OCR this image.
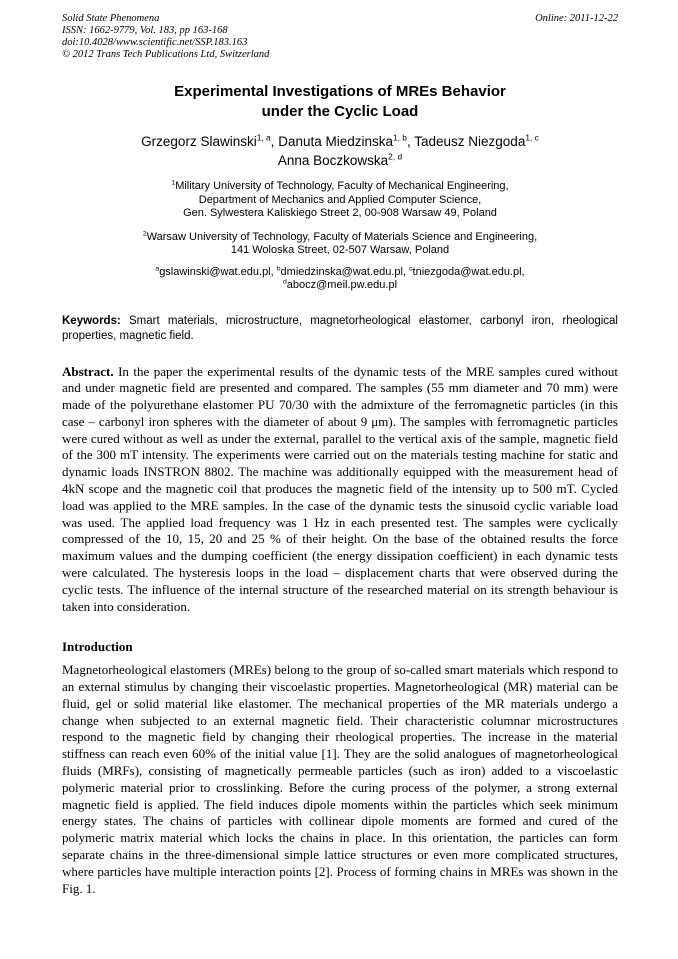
Solid State Phenomena
ISSN: 1662-9779, Vol. 183, pp 163-168
doi:10.4028/www.scientific.net/SSP.183.163
© 2012 Trans Tech Publications Ltd, Switzerland
Online: 2011-12-22
Experimental Investigations of MREs Behavior
under the Cyclic Load
Grzegorz Slawinski$^{1, a}$, Danuta Miedzinska$^{1, b}$, Tadeusz Niezgoda$^{1, c}$
Anna Boczkowska$^{2, d}$
$^1$Military University of Technology, Faculty of Mechanical Engineering,
Department of Mechanics and Applied Computer Science,
Gen. Sylwestera Kaliskiego Street 2, 00-908 Warsaw 49, Poland
$^2$Warsaw University of Technology, Faculty of Materials Science and Engineering,
141 Woloska Street, 02-507 Warsaw, Poland
$^a$gslawinski@wat.edu.pl, $^b$dmiedzinska@wat.edu.pl, $^c$tniezgoda@wat.edu.pl,
$^d$abocz@meil.pw.edu.pl

Keywords: Smart materials, microstructure, magnetorheological elastomer, carbonyl iron, rheological properties, magnetic field.

Abstract. In the paper the experimental results of the dynamic tests of the MRE samples cured without and under magnetic field are presented and compared. The samples (55 mm diameter and 70 mm) were made of the polyurethane elastomer PU 70/30 with the admixture of the ferromagnetic particles (in this case – carbonyl iron spheres with the diameter of about 9 μm). The samples with ferromagnetic particles were cured without as well as under the external, parallel to the vertical axis of the sample, magnetic field of the 300 mT intensity. The experiments were carried out on the materials testing machine for static and dynamic loads INSTRON 8802. The machine was additionally equipped with the measurement head of 4kN scope and the magnetic coil that produces the magnetic field of the intensity up to 500 mT. Cycled load was applied to the MRE samples. In the case of the dynamic tests the sinusoid cyclic variable load was used. The applied load frequency was 1 Hz in each presented test. The samples were cyclically compressed of the 10, 15, 20 and 25 % of their height. On the base of the obtained results the force maximum values and the dumping coefficient (the energy dissipation coefficient) in each dynamic tests were calculated. The hysteresis loops in the load – displacement charts that were observed during the cyclic tests. The influence of the internal structure of the researched material on its strength behaviour is taken into consideration.

Introduction

Magnetorheological elastomers (MREs) belong to the group of so-called smart materials which respond to an external stimulus by changing their viscoelastic properties. Magnetorheological (MR) material can be fluid, gel or solid material like elastomer. The mechanical properties of the MR materials undergo a change when subjected to an external magnetic field. Their characteristic columnar microstructures respond to the magnetic field by changing their rheological properties. The increase in the material stiffness can reach even 60% of the initial value [1]. They are the solid analogues of magnetorheological fluids (MRFs), consisting of magnetically permeable particles (such as iron) added to a viscoelastic polymeric material prior to crosslinking. Before the curing process of the polymer, a strong external magnetic field is applied. The field induces dipole moments within the particles which seek minimum energy states. The chains of particles with collinear dipole moments are formed and cured of the polymeric matrix material which locks the chains in place. In this orientation, the particles can form separate chains in the three-dimensional simple lattice structures or even more complicated structures, where particles have multiple interaction points [2]. Process of forming chains in MREs was shown in the Fig. 1.
